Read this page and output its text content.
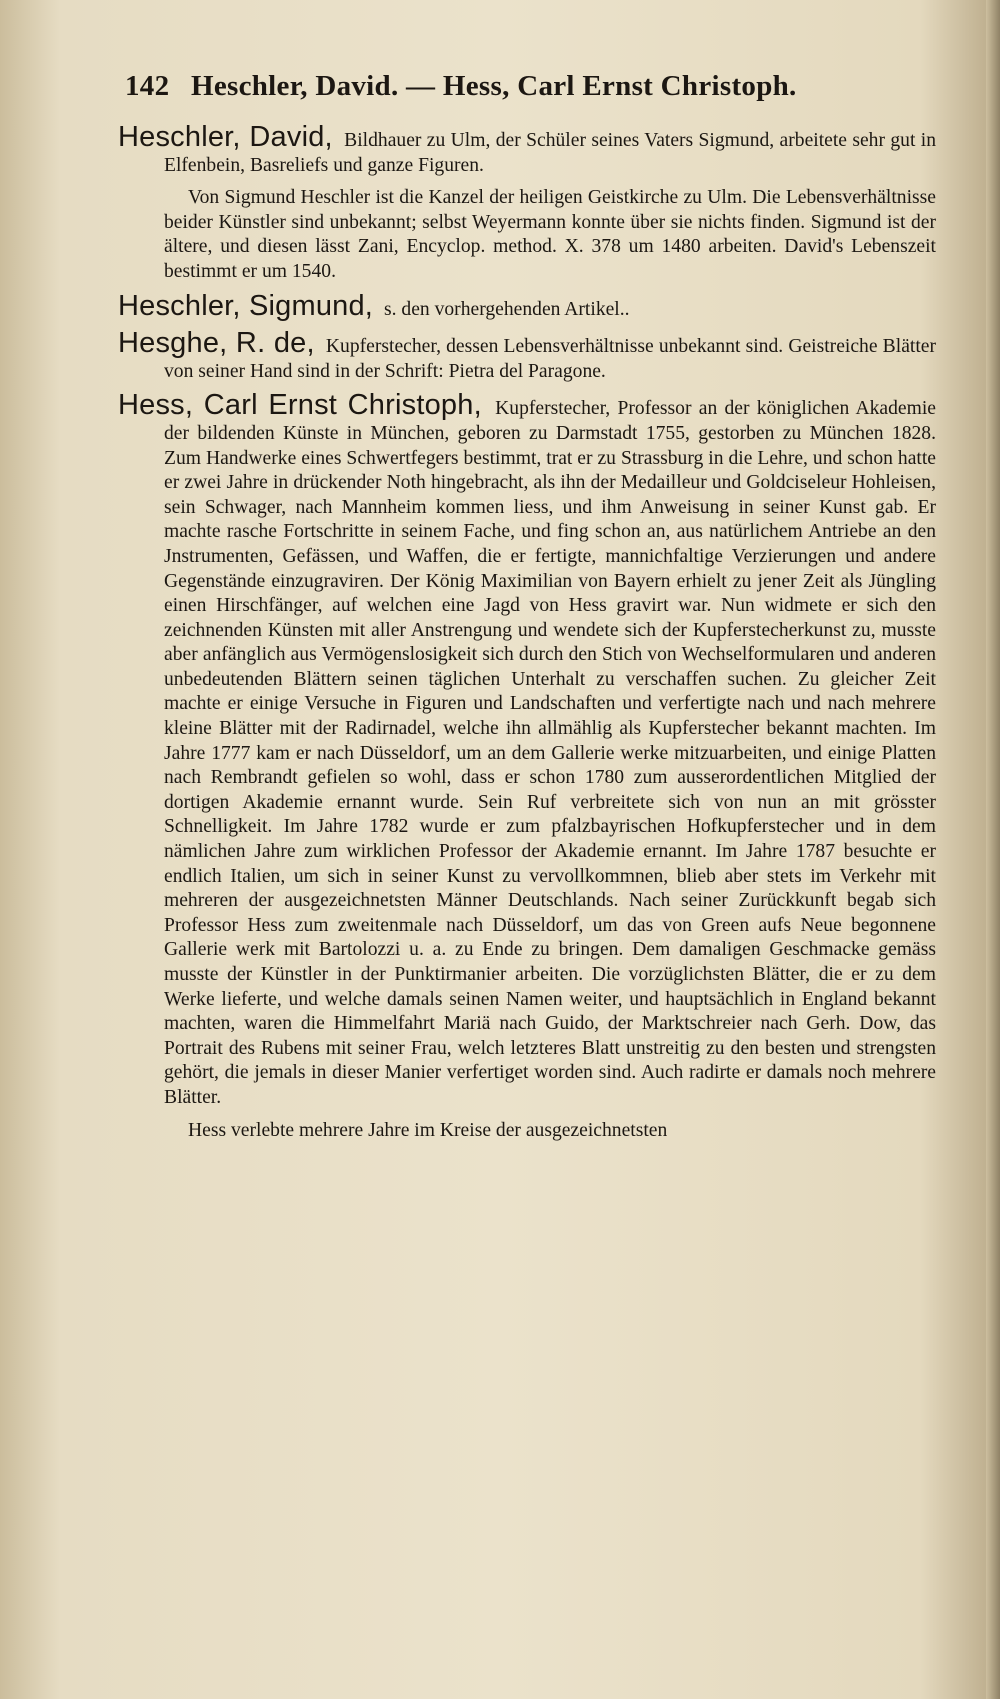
142 Heschler, David. — Hess, Carl Ernst Christoph.
Heschler, David, Bildhauer zu Ulm, der Schüler seines Vaters Sigmund, arbeitete sehr gut in Elfenbein, Basreliefs und ganze Figuren.
Von Sigmund Heschler ist die Kanzel der heiligen Geistkirche zu Ulm. Die Lebensverhältnisse beider Künstler sind unbekannt; selbst Weyermann konnte über sie nichts finden. Sigmund ist der ältere, und diesen lässt Zani, Encyclop. method. X. 378 um 1480 arbeiten. David's Lebenszeit bestimmt er um 1540.
Heschler, Sigmund, s. den vorhergehenden Artikel..
Hesghe, R. de, Kupferstecher, dessen Lebensverhältnisse unbekannt sind. Geistreiche Blätter von seiner Hand sind in der Schrift: Pietra del Paragone.
Hess, Carl Ernst Christoph, Kupferstecher, Professor an der königlichen Akademie der bildenden Künste in München, geboren zu Darmstadt 1755, gestorben zu München 1828. Zum Handwerke eines Schwertfegers bestimmt, trat er zu Strassburg in die Lehre, und schon hatte er zwei Jahre in drückender Noth hingebracht, als ihn der Medailleur und Goldciseleur Hohleisen, sein Schwager, nach Mannheim kommen liess, und ihm Anweisung in seiner Kunst gab. Er machte rasche Fortschritte in seinem Fache, und fing schon an, aus natürlichem Antriebe an den Jnstrumenten, Gefässen, und Waffen, die er fertigte, mannichfaltige Verzierungen und andere Gegenstände einzugraviren. Der König Maximilian von Bayern erhielt zu jener Zeit als Jüngling einen Hirschfänger, auf welchen eine Jagd von Hess gravirt war. Nun widmete er sich den zeichnenden Künsten mit aller Anstrengung und wendete sich der Kupferstecherkunst zu, musste aber anfänglich aus Vermögenslosigkeit sich durch den Stich von Wechselformularen und anderen unbedeutenden Blättern seinen täglichen Unterhalt zu verschaffen suchen. Zu gleicher Zeit machte er einige Versuche in Figuren und Landschaften und verfertigte nach und nach mehrere kleine Blätter mit der Radirnadel, welche ihn allmählig als Kupferstecher bekannt machten. Im Jahre 1777 kam er nach Düsseldorf, um an dem Gallerie werke mitzuarbeiten, und einige Platten nach Rembrandt gefielen so wohl, dass er schon 1780 zum ausserordentlichen Mitglied der dortigen Akademie ernannt wurde. Sein Ruf verbreitete sich von nun an mit grösster Schnelligkeit. Im Jahre 1782 wurde er zum pfalzbayrischen Hofkupferstecher und in dem nämlichen Jahre zum wirklichen Professor der Akademie ernannt. Im Jahre 1787 besuchte er endlich Italien, um sich in seiner Kunst zu vervollkommnen, blieb aber stets im Verkehr mit mehreren der ausgezeichnetsten Männer Deutschlands. Nach seiner Zurückkunft begab sich Professor Hess zum zweitenmale nach Düsseldorf, um das von Green aufs Neue begonnene Gallerie werk mit Bartolozzi u. a. zu Ende zu bringen. Dem damaligen Geschmacke gemäss musste der Künstler in der Punktirmanier arbeiten. Die vorzüglichsten Blätter, die er zu dem Werke lieferte, und welche damals seinen Namen weiter, und hauptsächlich in England bekannt machten, waren die Himmelfahrt Mariä nach Guido, der Marktschreier nach Gerh. Dow, das Portrait des Rubens mit seiner Frau, welch letzteres Blatt unstreitig zu den besten und strengsten gehört, die jemals in dieser Manier verfertiget worden sind. Auch radirte er damals noch mehrere Blätter.
Hess verlebte mehrere Jahre im Kreise der ausgezeichnetsten
